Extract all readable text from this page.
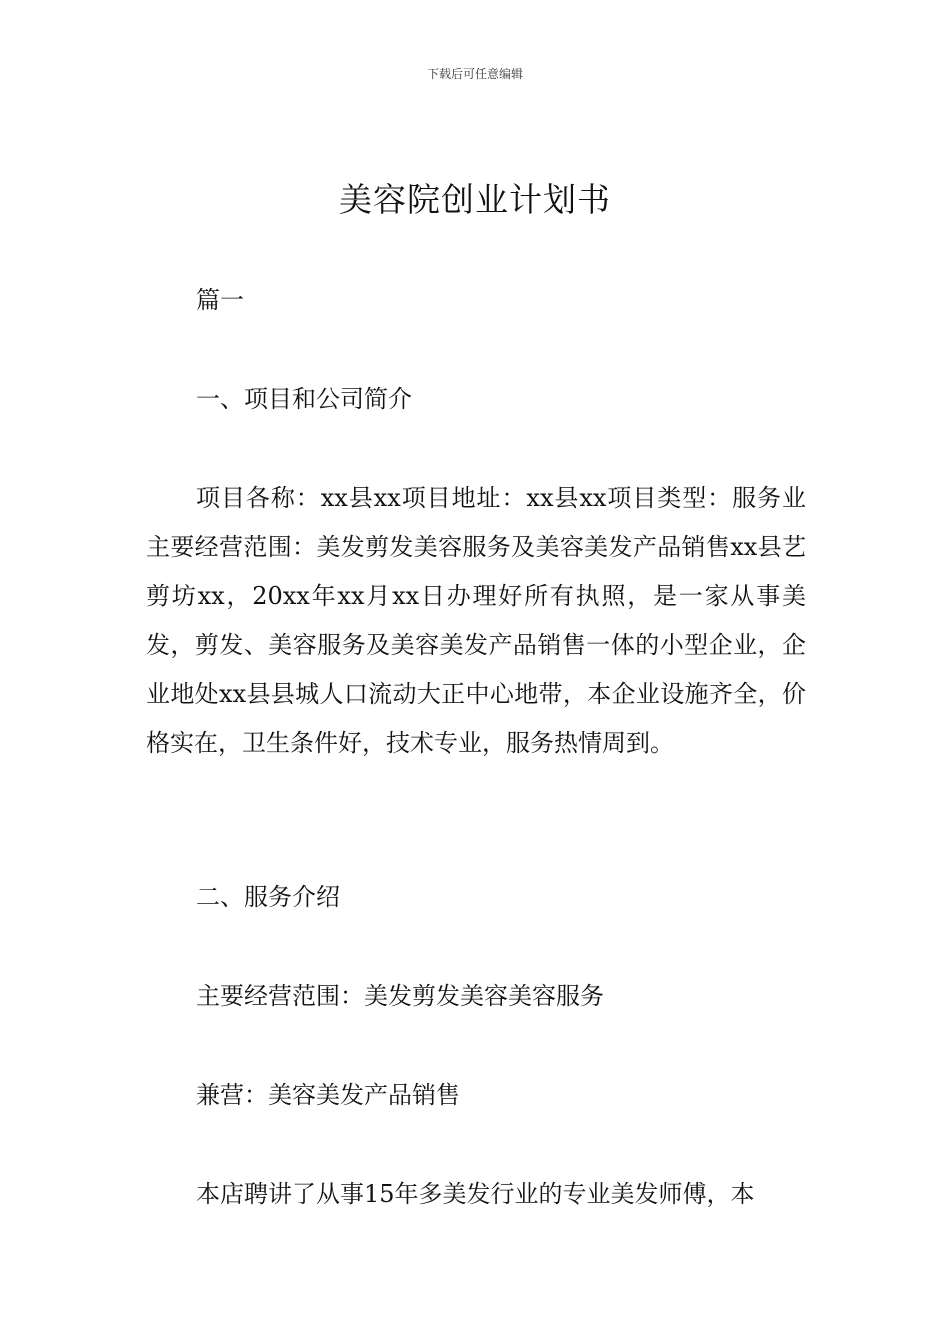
下载后可任意编辑
美容院创业计划书

篇一

一、项目和公司简介

项目各称：xx县xx项目地址：xx县xx项目类型：服务业主要经营范围：美发剪发美容服务及美容美发产品销售xx县艺剪坊xx，20xx年xx月xx日办理好所有执照，是一家从事美发，剪发、美容服务及美容美发产品销售一体的小型企业，企业地处xx县县城人口流动大正中心地带，本企业设施齐全，价格实在，卫生条件好，技术专业，服务热情周到。

二、服务介绍

主要经营范围：美发剪发美容美容服务

兼营：美容美发产品销售

本店聘讲了从事15年多美发行业的专业美发师傅，本
